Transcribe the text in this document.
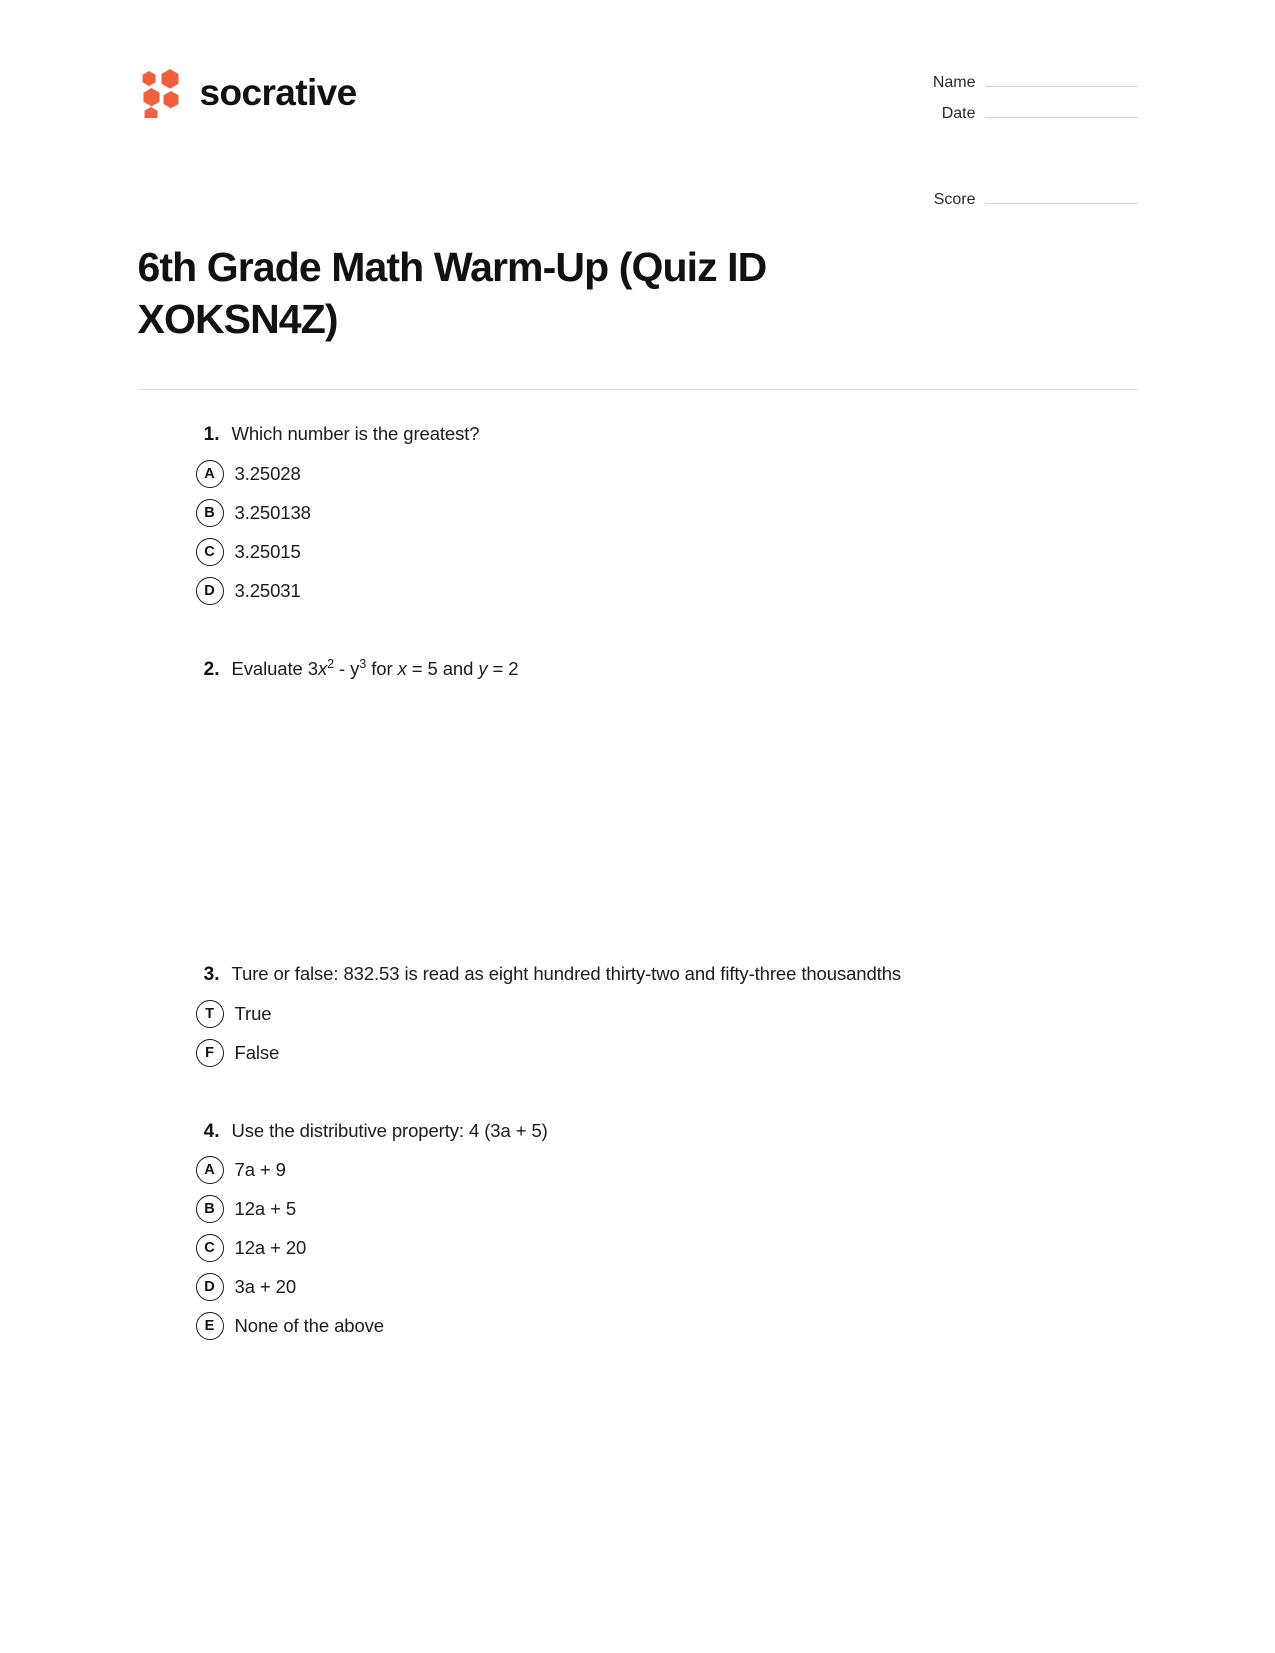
socrative	Name
Date
Score
6th Grade Math Warm-Up (Quiz ID XOKSN4Z)
1. Which number is the greatest?
A	3.25028
B	3.250138
C	3.25015
D	3.25031
2. Evaluate $3x^2 - y^3$ for x = 5 and y = 2
3. Ture or false: 832.53 is read as eight hundred thirty-two and fifty-three thousandths
T	True
F	False
4. Use the distributive property: 4 (3a + 5)
A	7a + 9
B	12a + 5
C	12a + 20
D	3a + 20
E	None of the above
